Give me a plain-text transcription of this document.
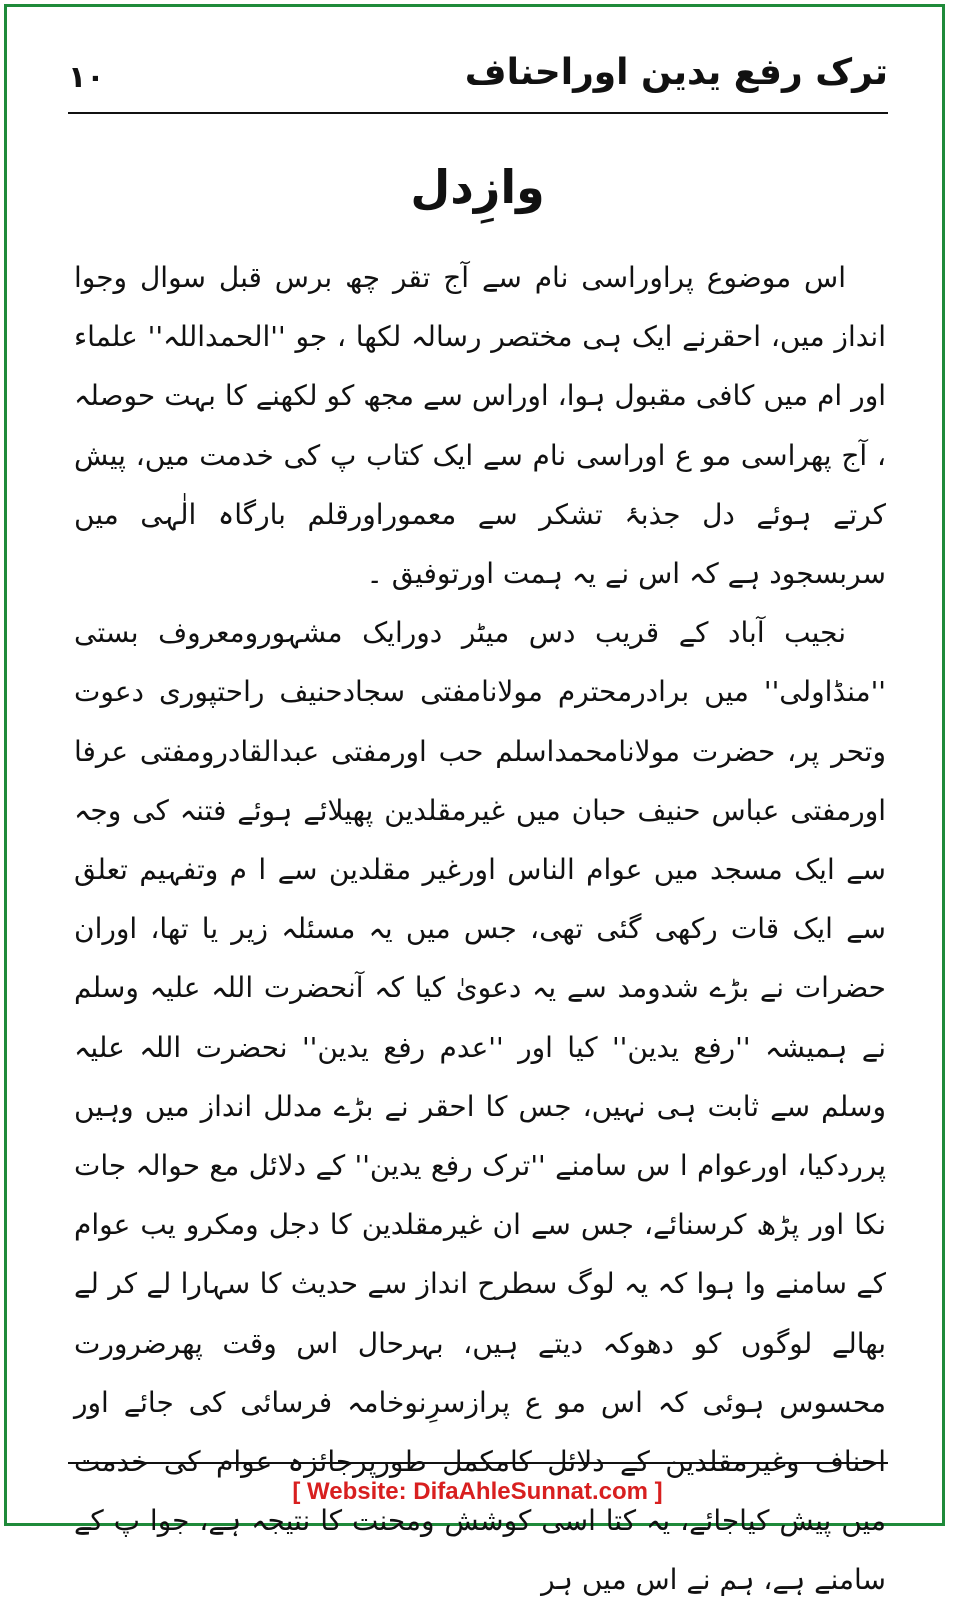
١٠	ترک رفع یدین اوراحناف
وازِدل

اس موضوع پراوراسی نام سے آج تقر چھ برس قبل سوال وجوا انداز میں، احقرنے ایک ہی مختصر رسالہ لکھا ، جو ''الحمداللہ'' علماء اور ام میں کافی مقبول ہوا، اوراس سے مجھ کو لکھنے کا بہت حوصلہ ، آج پھراسی مو ع اوراسی نام سے ایک کتاب پ کی خدمت میں، پیش کرتے ہوئے دل جذبۂ تشکر سے معموراورقلم بارگاہ الٰہی میں سربسجود ہے کہ اس نے یہ ہمت اورتوفیق ۔

نجیب آباد کے قریب دس میٹر دورایک مشہورومعروف بستی ''منڈاولی'' میں برادرمحترم مولانامفتی سجادحنیف راحتپوری دعوت وتحر پر، حضرت مولانامحمداسلم حب اورمفتی عبدالقادرومفتی عرفا اورمفتی عباس حنیف حبان میں غیرمقلدین پھیلائے ہوئے فتنہ کی وجہ سے ایک مسجد میں عوام الناس اورغیر مقلدین سے ا م وتفہیم تعلق سے ایک قات رکھی گئی تھی، جس میں یہ مسئلہ زیر یا تھا، اوران حضرات نے بڑے شدومد سے یہ دعویٰ کیا کہ آنحضرت اللہ علیہ وسلم نے ہمیشہ ''رفع یدین'' کیا اور ''عدم رفع یدین'' نحضرت اللہ علیہ وسلم سے ثابت ہی نہیں، جس کا احقر نے بڑے مدلل انداز میں وہیں پرردکیا، اورعوام ا س سامنے ''ترک رفع یدین'' کے دلائل مع حوالہ جات نکا اور پڑھ کرسنائے، جس سے ان غیرمقلدین کا دجل ومکرو یب عوام کے سامنے وا ہوا کہ یہ لوگ سطرح انداز سے حدیث کا سہارا لے کر لے بھالے لوگوں کو دھوکہ دیتے ہیں، بہرحال اس وقت پھرضرورت محسوس ہوئی کہ اس مو ع پرازسرِنوخامہ فرسائی کی جائے اور احناف وغیرمقلدین کے دلائل کامکمل طورپرجائزہ عوام کی خدمت میں پیش کیاجائے، یہ کتا اسی کوشش ومحنت کا نتیجہ ہے، جوا پ کے سامنے ہے، ہم نے اس میں ہر

[ Website: DifaAhleSunnat.com ]
